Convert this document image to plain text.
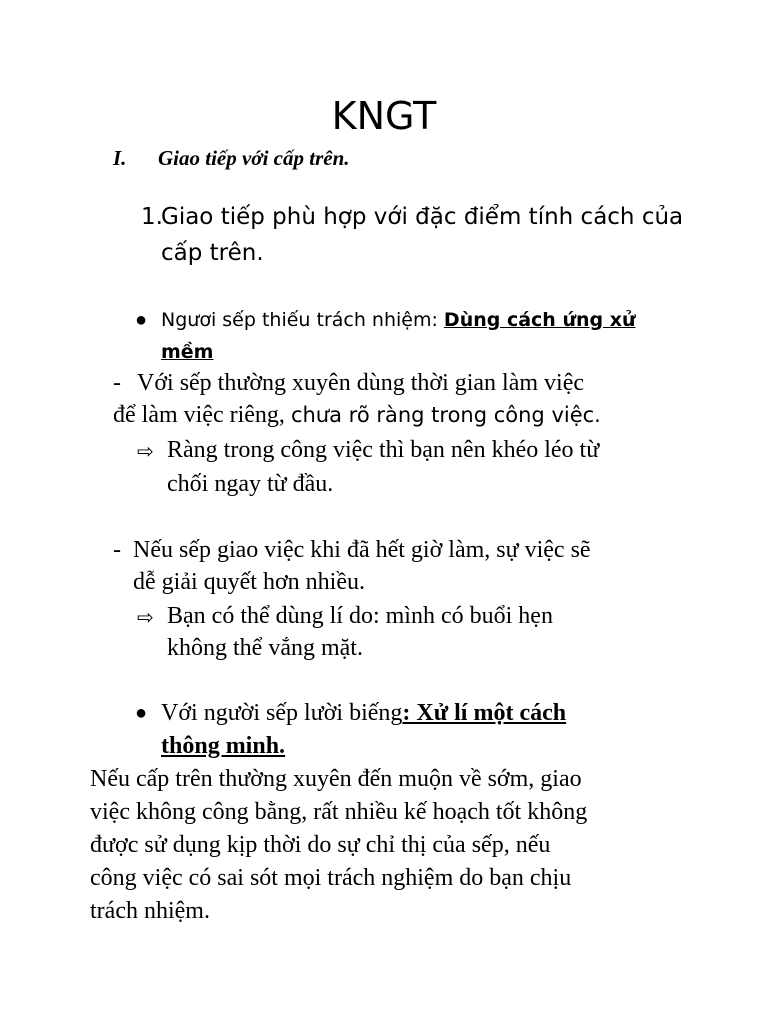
KNGT
I. Giao tiếp với cấp trên.
1.
Giao tiếp phù hợp với đặc điểm tính cách của
cấp trên.
● Ngươi sếp thiếu trách nhiệm: Dùng cách ứng xử
mềm
- Với sếp thường xuyên dùng thời gian làm việc
để làm việc riêng, chưa rõ ràng trong công việc.
⇨ Ràng trong công việc thì bạn nên khéo léo từ
chối ngay từ đầu.
- Nếu sếp giao việc khi đã hết giờ làm, sự việc sẽ
dễ giải quyết hơn nhiều.
⇨ Bạn có thể dùng lí do: mình có buổi hẹn
không thể vắng mặt.
● Với người sếp lười biếng: Xử lí một cách
thông minh.
Nếu cấp trên thường xuyên đến muộn về sớm, giao
việc không công bằng, rất nhiều kế hoạch tốt không
được sử dụng kịp thời do sự chỉ thị của sếp, nếu
công việc có sai sót mọi trách nghiệm do bạn chịu
trách nhiệm.
